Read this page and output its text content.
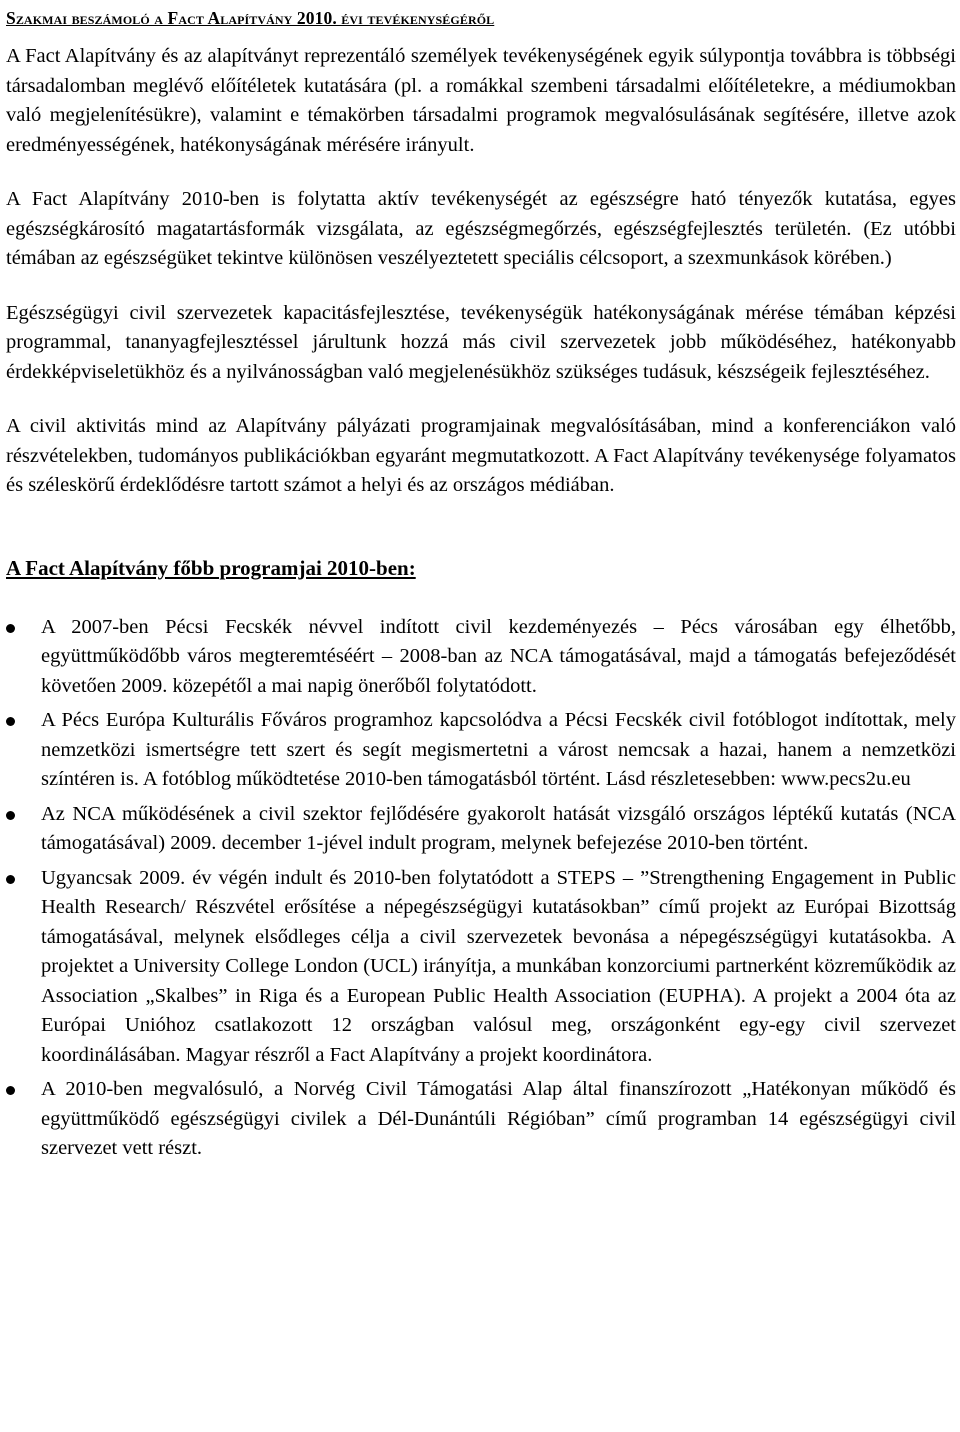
Szakmai beszámoló a Fact Alapítvány 2010. évi tevékenységéről

A Fact Alapítvány és az alapítványt reprezentáló személyek tevékenységének egyik súlypontja továbbra is többségi társadalomban meglévő előítéletek kutatására (pl. a romákkal szembeni társadalmi előítéletekre, a médiumokban való megjelenítésükre), valamint e témakörben társadalmi programok megvalósulásának segítésére, illetve azok eredményességének, hatékonyságának mérésére irányult.

A Fact Alapítvány 2010-ben is folytatta aktív tevékenységét az egészségre ható tényezők kutatása, egyes egészségkárosító magatartásformák vizsgálata, az egészségmegőrzés, egészségfejlesztés területén. (Ez utóbbi témában az egészségüket tekintve különösen veszélyeztetett speciális célcsoport, a szexmunkások körében.)

Egészségügyi civil szervezetek kapacitásfejlesztése, tevékenységük hatékonyságának mérése témában képzési programmal, tananyagfejlesztéssel járultunk hozzá más civil szervezetek jobb működéséhez, hatékonyabb érdekképviseletükhöz és a nyilvánosságban való megjelenésükhöz szükséges tudásuk, készségeik fejlesztéséhez.

A civil aktivitás mind az Alapítvány pályázati programjainak megvalósításában, mind a konferenciákon való részvételekben, tudományos publikációkban egyaránt megmutatkozott. A Fact Alapítvány tevékenysége folyamatos és széleskörű érdeklődésre tartott számot a helyi és az országos médiában.

A Fact Alapítvány főbb programjai 2010-ben:
A 2007-ben Pécsi Fecskék névvel indított civil kezdeményezés – Pécs városában egy élhetőbb, együttműködőbb város megteremtéséért – 2008-ban az NCA támogatásával, majd a támogatás befejeződését követően 2009. közepétől a mai napig önerőből folytatódott.
A Pécs Európa Kulturális Főváros programhoz kapcsolódva a Pécsi Fecskék civil fotóblogot indítottak, mely nemzetközi ismertségre tett szert és segít megismertetni a várost nemcsak a hazai, hanem a nemzetközi színtéren is. A fotóblog működtetése 2010-ben támogatásból történt. Lásd részletesebben: www.pecs2u.eu
Az NCA működésének a civil szektor fejlődésére gyakorolt hatását vizsgáló országos léptékű kutatás (NCA támogatásával) 2009. december 1-jével indult program, melynek befejezése 2010-ben történt.
Ugyancsak 2009. év végén indult és 2010-ben folytatódott a STEPS – ”Strengthening Engagement in Public Health Research/ Részvétel erősítése a népegészségügyi kutatásokban” című projekt az Európai Bizottság támogatásával, melynek elsődleges célja a civil szervezetek bevonása a népegészségügyi kutatásokba. A projektet a University College London (UCL) irányítja, a munkában konzorciumi partnerként közreműködik az Association „Skalbes” in Riga és a European Public Health Association (EUPHA). A projekt a 2004 óta az Európai Unióhoz csatlakozott 12 országban valósul meg, országonként egy-egy civil szervezet koordinálásában. Magyar részről a Fact Alapítvány a projekt koordinátora.
A 2010-ben megvalósuló, a Norvég Civil Támogatási Alap által finanszírozott „Hatékonyan működő és együttműködő egészségügyi civilek a Dél-Dunántúli Régióban” című programban 14 egészségügyi civil szervezet vett részt.
